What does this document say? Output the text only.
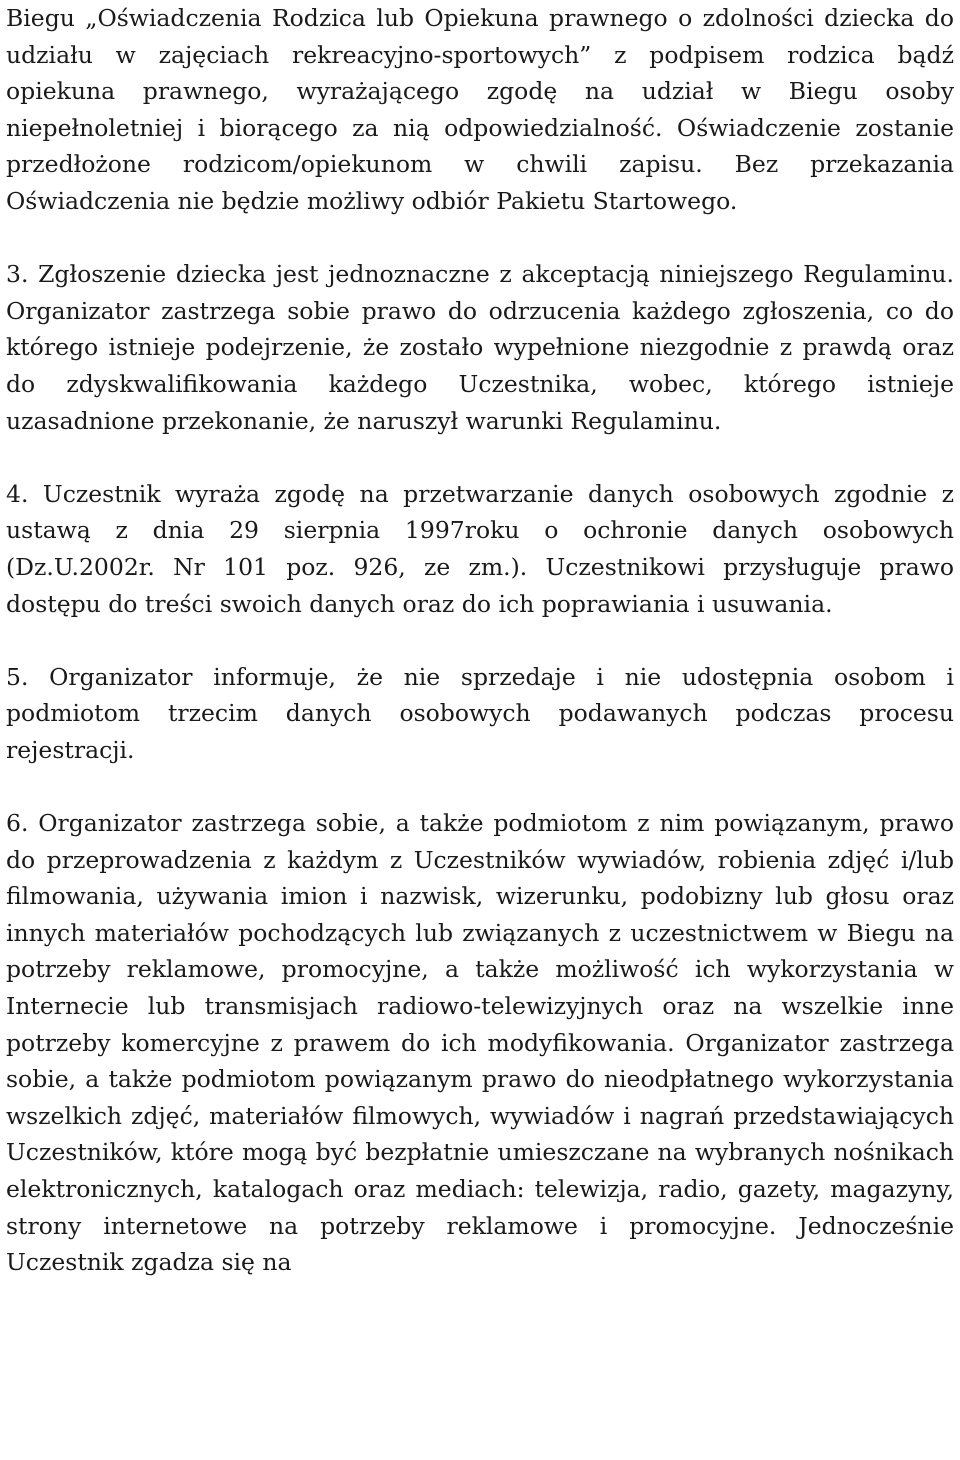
Biegu „Oświadczenia Rodzica lub Opiekuna prawnego o zdolności dziecka do udziału w zajęciach rekreacyjno-sportowych” z podpisem rodzica bądź opiekuna prawnego, wyrażającego zgodę na udział w Biegu osoby niepełnoletniej i biorącego za nią odpowiedzialność. Oświadczenie zostanie przedłożone rodzicom/opiekunom w chwili zapisu. Bez przekazania Oświadczenia nie będzie możliwy odbiór Pakietu Startowego.

3. Zgłoszenie dziecka jest jednoznaczne z akceptacją niniejszego Regulaminu. Organizator zastrzega sobie prawo do odrzucenia każdego zgłoszenia, co do którego istnieje podejrzenie, że zostało wypełnione niezgodnie z prawdą oraz do zdyskwalifikowania każdego Uczestnika, wobec, którego istnieje uzasadnione przekonanie, że naruszył warunki Regulaminu.

4. Uczestnik wyraża zgodę na przetwarzanie danych osobowych zgodnie z ustawą z dnia 29 sierpnia 1997roku o ochronie danych osobowych (Dz.U.2002r. Nr 101 poz. 926, ze zm.). Uczestnikowi przysługuje prawo dostępu do treści swoich danych oraz do ich poprawiania i usuwania.

5. Organizator informuje, że nie sprzedaje i nie udostępnia osobom i podmiotom trzecim danych osobowych podawanych podczas procesu rejestracji.

6. Organizator zastrzega sobie, a także podmiotom z nim powiązanym, prawo do przeprowadzenia z każdym z Uczestników wywiadów, robienia zdjęć i/lub filmowania, używania imion i nazwisk, wizerunku, podobizny lub głosu oraz innych materiałów pochodzących lub związanych z uczestnictwem w Biegu na potrzeby reklamowe, promocyjne, a także możliwość ich wykorzystania w Internecie lub transmisjach radiowo-telewizyjnych oraz na wszelkie inne potrzeby komercyjne z prawem do ich modyfikowania. Organizator zastrzega sobie, a także podmiotom powiązanym prawo do nieodpłatnego wykorzystania wszelkich zdjęć, materiałów filmowych, wywiadów i nagrań przedstawiających Uczestników, które mogą być bezpłatnie umieszczane na wybranych nośnikach elektronicznych, katalogach oraz mediach: telewizja, radio, gazety, magazyny, strony internetowe na potrzeby reklamowe i promocyjne. Jednocześnie Uczestnik zgadza się na
